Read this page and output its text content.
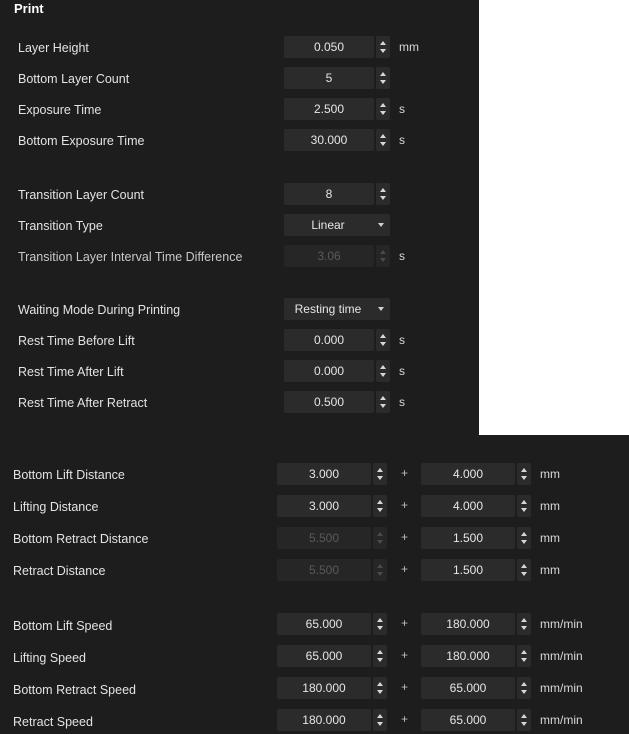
Print
Layer Height	0.050	mm
Bottom Layer Count	5
Exposure Time	2.500	s
Bottom Exposure Time	30.000	s
Transition Layer Count	8
Transition Type	Linear
Transition Layer Interval Time Difference	3.06	s
Waiting Mode During Printing	Resting time
Rest Time Before Lift	0.000	s
Rest Time After Lift	0.000	s
Rest Time After Retract	0.500	s
Bottom Lift Distance	3.000	+	4.000	mm
Lifting Distance	3.000	+	4.000	mm
Bottom Retract Distance	5.500	+	1.500	mm
Retract Distance	5.500	+	1.500	mm
Bottom Lift Speed	65.000	+	180.000	mm/min
Lifting Speed	65.000	+	180.000	mm/min
Bottom Retract Speed	180.000	+	65.000	mm/min
Retract Speed	180.000	+	65.000	mm/min
